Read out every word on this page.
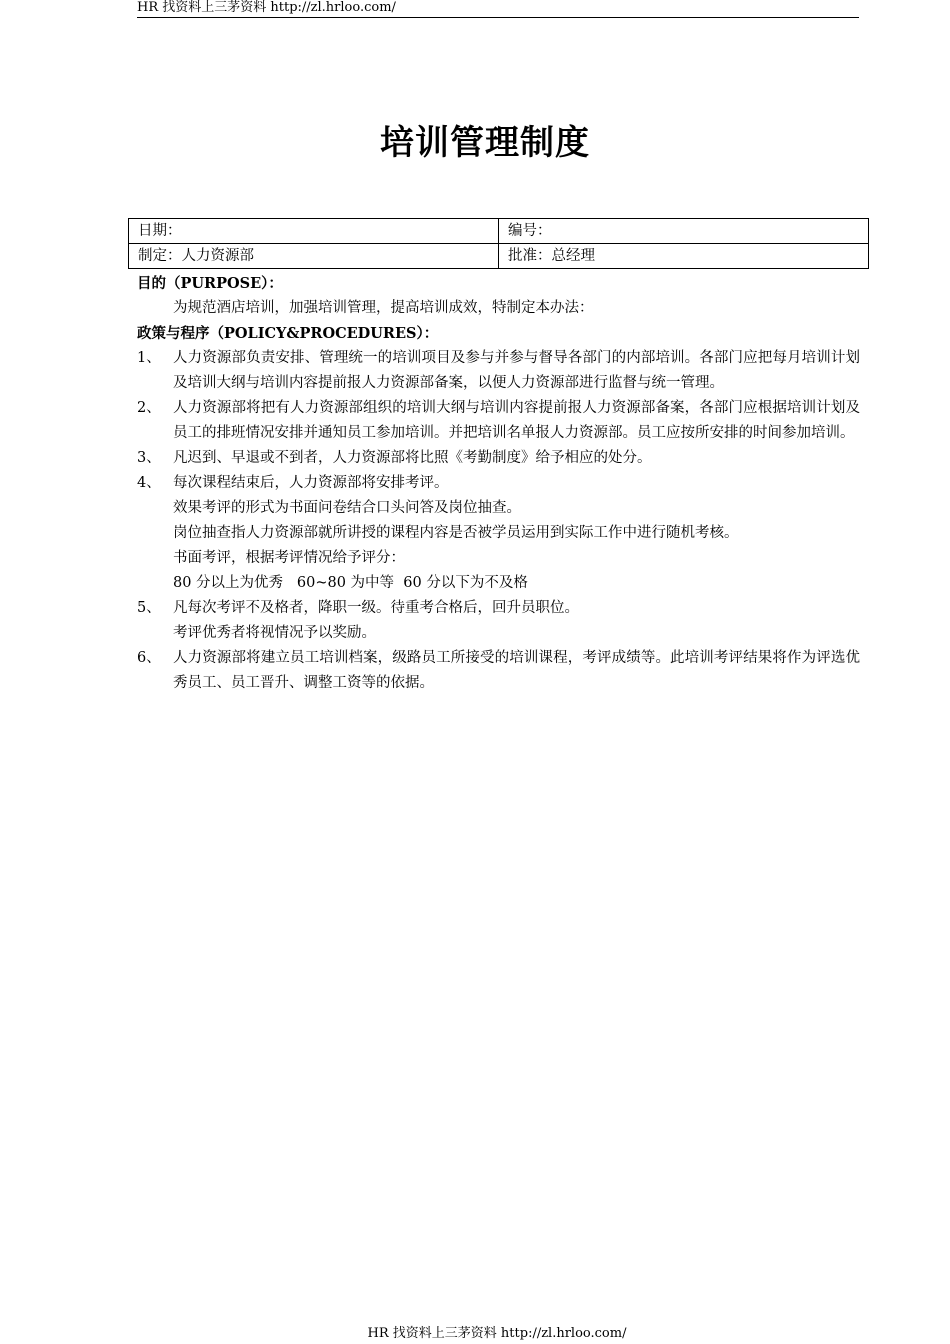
HR 找资料上三茅资料 http://zl.hrloo.com/
培训管理制度
日期：	编号：
制定：人力资源部	批准：总经理
目的（PURPOSE）：
为规范酒店培训，加强培训管理，提高培训成效，特制定本办法：
政策与程序（POLICY&PROCEDURES）：
1、 人力资源部负责安排、管理统一的培训项目及参与并参与督导各部门的内部培训。各部门应把每月培训计划及培训大纲与培训内容提前报人力资源部备案，以便人力资源部进行监督与统一管理。
2、 人力资源部将把有人力资源部组织的培训大纲与培训内容提前报人力资源部备案，各部门应根据培训计划及员工的排班情况安排并通知员工参加培训。并把培训名单报人力资源部。员工应按所安排的时间参加培训。
3、 凡迟到、早退或不到者，人力资源部将比照《考勤制度》给予相应的处分。
4、 每次课程结束后，人力资源部将安排考评。
效果考评的形式为书面问卷结合口头问答及岗位抽查。
岗位抽查指人力资源部就所讲授的课程内容是否被学员运用到实际工作中进行随机考核。
书面考评，根据考评情况给予评分：
80 分以上为优秀   60~80 为中等  60 分以下为不及格
5、 凡每次考评不及格者，降职一级。待重考合格后，回升员职位。
考评优秀者将视情况予以奖励。
6、 人力资源部将建立员工培训档案，级路员工所接受的培训课程，考评成绩等。此培训考评结果将作为评选优秀员工、员工晋升、调整工资等的依据。
HR 找资料上三茅资料 http://zl.hrloo.com/
